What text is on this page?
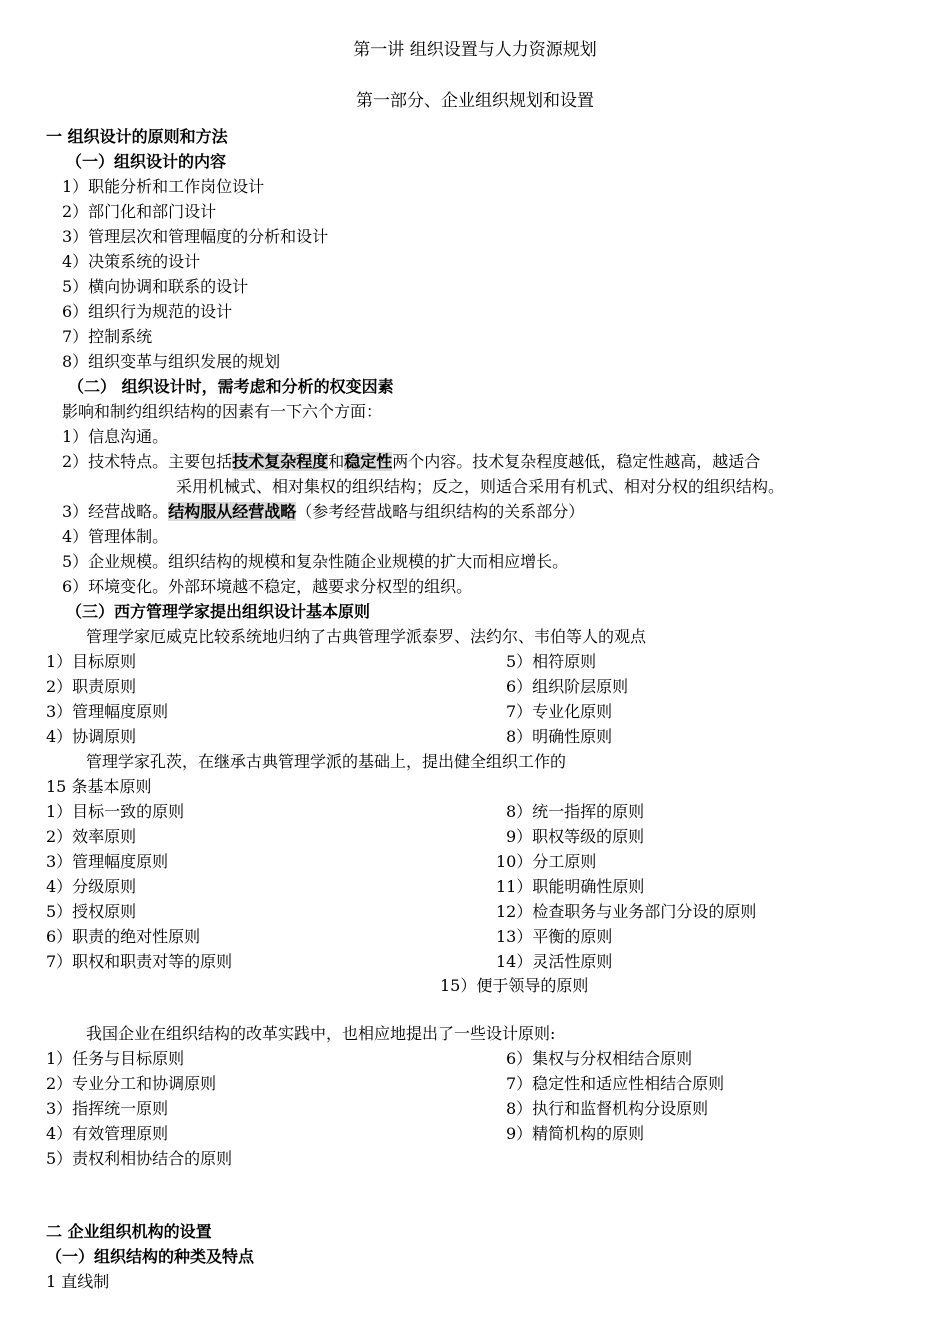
第一讲 组织设置与人力资源规划
第一部分、企业组织规划和设置
一 组织设计的原则和方法
（一）组织设计的内容
1）职能分析和工作岗位设计
2）部门化和部门设计
3）管理层次和管理幅度的分析和设计
4）决策系统的设计
5）横向协调和联系的设计
6）组织行为规范的设计
7）控制系统
8）组织变革与组织发展的规划
（二） 组织设计时，需考虑和分析的权变因素
影响和制约组织结构的因素有一下六个方面：
1）信息沟通。
2）技术特点。主要包括技术复杂程度和稳定性两个内容。技术复杂程度越低，稳定性越高，越适合
采用机械式、相对集权的组织结构；反之，则适合采用有机式、相对分权的组织结构。
3）经营战略。结构服从经营战略（参考经营战略与组织结构的关系部分）
4）管理体制。
5）企业规模。组织结构的规模和复杂性随企业规模的扩大而相应增长。
6）环境变化。外部环境越不稳定，越要求分权型的组织。
（三）西方管理学家提出组织设计基本原则
管理学家厄威克比较系统地归纳了古典管理学派泰罗、法约尔、韦伯等人的观点
1）目标原则
2）职责原则
3）管理幅度原则
4）协调原则
5）相符原则
6）组织阶层原则
7）专业化原则
8）明确性原则
管理学家孔茨，在继承古典管理学派的基础上，提出健全组织工作的
15 条基本原则
1）目标一致的原则
2）效率原则
3）管理幅度原则
4）分级原则
5）授权原则
6）职责的绝对性原则
7）职权和职责对等的原则
8）统一指挥的原则
9）职权等级的原则
10）分工原则
11）职能明确性原则
12）检查职务与业务部门分设的原则
13）平衡的原则
14）灵活性原则
15）便于领导的原则
我国企业在组织结构的改革实践中，也相应地提出了一些设计原则:
1）任务与目标原则
2）专业分工和协调原则
3）指挥统一原则
4）有效管理原则
5）责权利相协结合的原则
6）集权与分权相结合原则
7）稳定性和适应性相结合原则
8）执行和监督机构分设原则
9）精简机构的原则
二 企业组织机构的设置
（一）组织结构的种类及特点
1 直线制
